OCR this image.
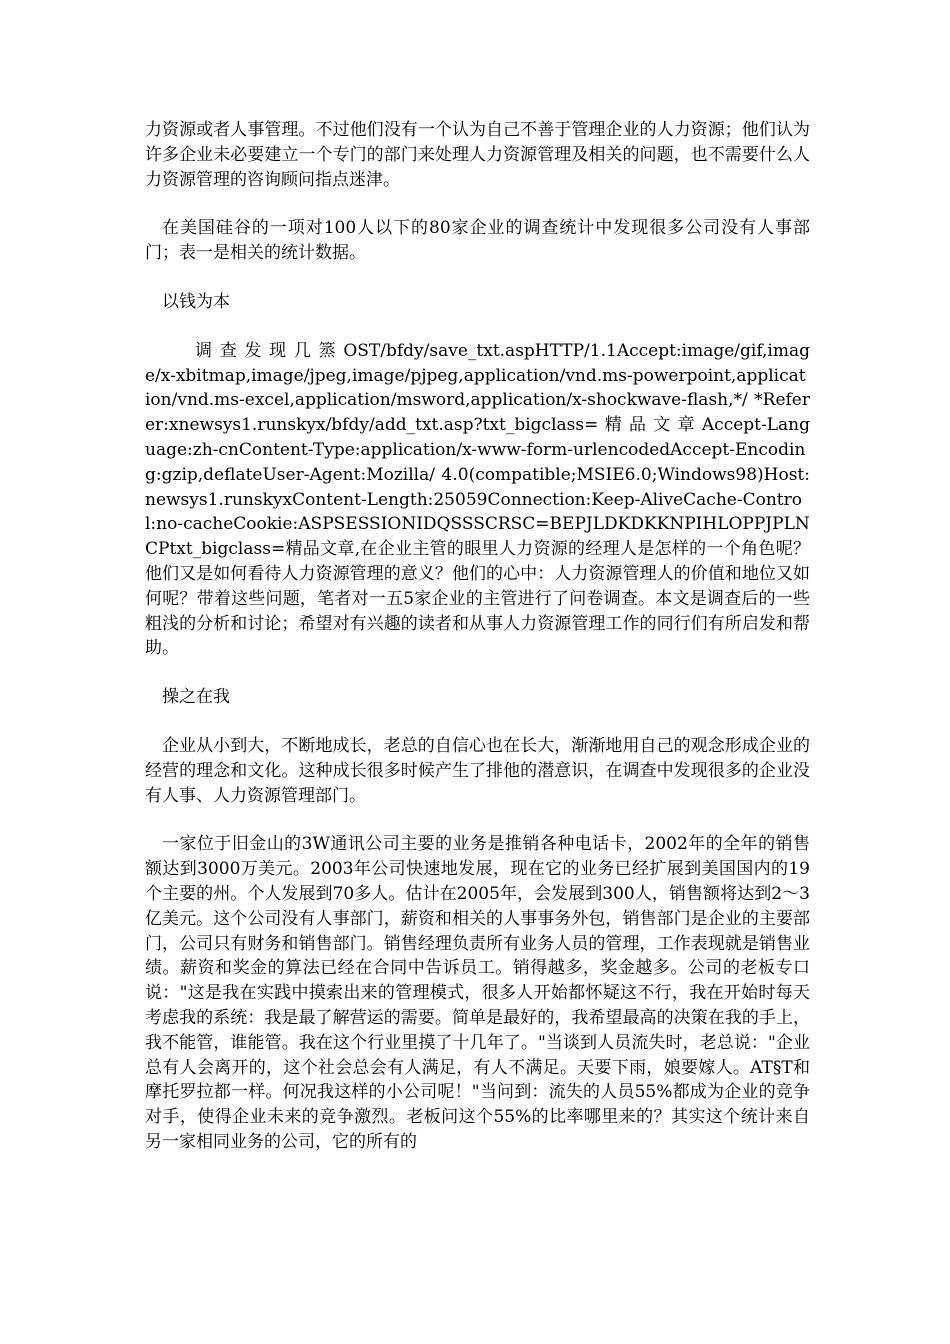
力资源或者人事管理。不过他们没有一个认为自己不善于管理企业的人力资源；他们认为许多企业未必要建立一个专门的部门来处理人力资源管理及相关的问题，也不需要什么人力资源管理的咨询顾问指点迷津。

在美国硅谷的一项对100人以下的80家企业的调查统计中发现很多公司没有人事部门；表一是相关的统计数据。

以钱为本

调 查 发 现 几 篜 OST/bfdy/save_txt.aspHTTP/1.1Accept:image/gif,image/x-xbitmap,image/jpeg,image/pjpeg,application/vnd.ms-powerpoint,application/vnd.ms-excel,application/msword,application/x-shockwave-flash,*/ *Referer:xnewsys1.runskyx/bfdy/add_txt.asp?txt_bigclass= 精 品 文 章 Accept-Language:zh-cnContent-Type:application/x-www-form-urlencodedAccept-Encoding:gzip,deflateUser-Agent:Mozilla/ 4.0(compatible;MSIE6.0;Windows98)Host:newsys1.runskyxContent-Length:25059Connection:Keep-AliveCache-Control:no-cacheCookie:ASPSESSIONIDQSSSCRSC=BEPJLDKDKKNPIHLOPPJPLNCPtxt_bigclass=精品文章,在企业主管的眼里人力资源的经理人是怎样的一个角色呢？他们又是如何看待人力资源管理的意义？他们的心中：人力资源管理人的价值和地位又如何呢？带着这些问题，笔者对一五5家企业的主管进行了问卷调查。本文是调查后的一些粗浅的分析和讨论；希望对有兴趣的读者和从事人力资源管理工作的同行们有所启发和帮助。

操之在我

企业从小到大，不断地成长，老总的自信心也在长大，渐渐地用自己的观念形成企业的经营的理念和文化。这种成长很多时候产生了排他的潜意识，在调查中发现很多的企业没有人事、人力资源管理部门。

一家位于旧金山的3W通讯公司主要的业务是推销各种电话卡，2002年的全年的销售额达到3000万美元。2003年公司快速地发展，现在它的业务已经扩展到美国国内的19个主要的州。个人发展到70多人。估计在2005年，会发展到300人，销售额将达到2～3亿美元。这个公司没有人事部门，薪资和相关的人事事务外包，销售部门是企业的主要部门，公司只有财务和销售部门。销售经理负责所有业务人员的管理，工作表现就是销售业绩。薪资和奖金的算法已经在合同中告诉员工。销得越多，奖金越多。公司的老板专口说："这是我在实践中摸索出来的管理模式，很多人开始都怀疑这不行，我在开始时每天考虑我的系统：我是最了解营运的需要。简单是最好的，我希望最高的决策在我的手上，我不能管，谁能管。我在这个行业里摸了十几年了。"当谈到人员流失时，老总说："企业总有人会离开的，这个社会总会有人满足，有人不满足。天要下雨，娘要嫁人。AT§T和摩托罗拉都一样。何况我这样的小公司呢！"当问到：流失的人员55%都成为企业的竞争对手，使得企业未来的竞争激烈。老板问这个55%的比率哪里来的？其实这个统计来自另一家相同业务的公司，它的所有的
